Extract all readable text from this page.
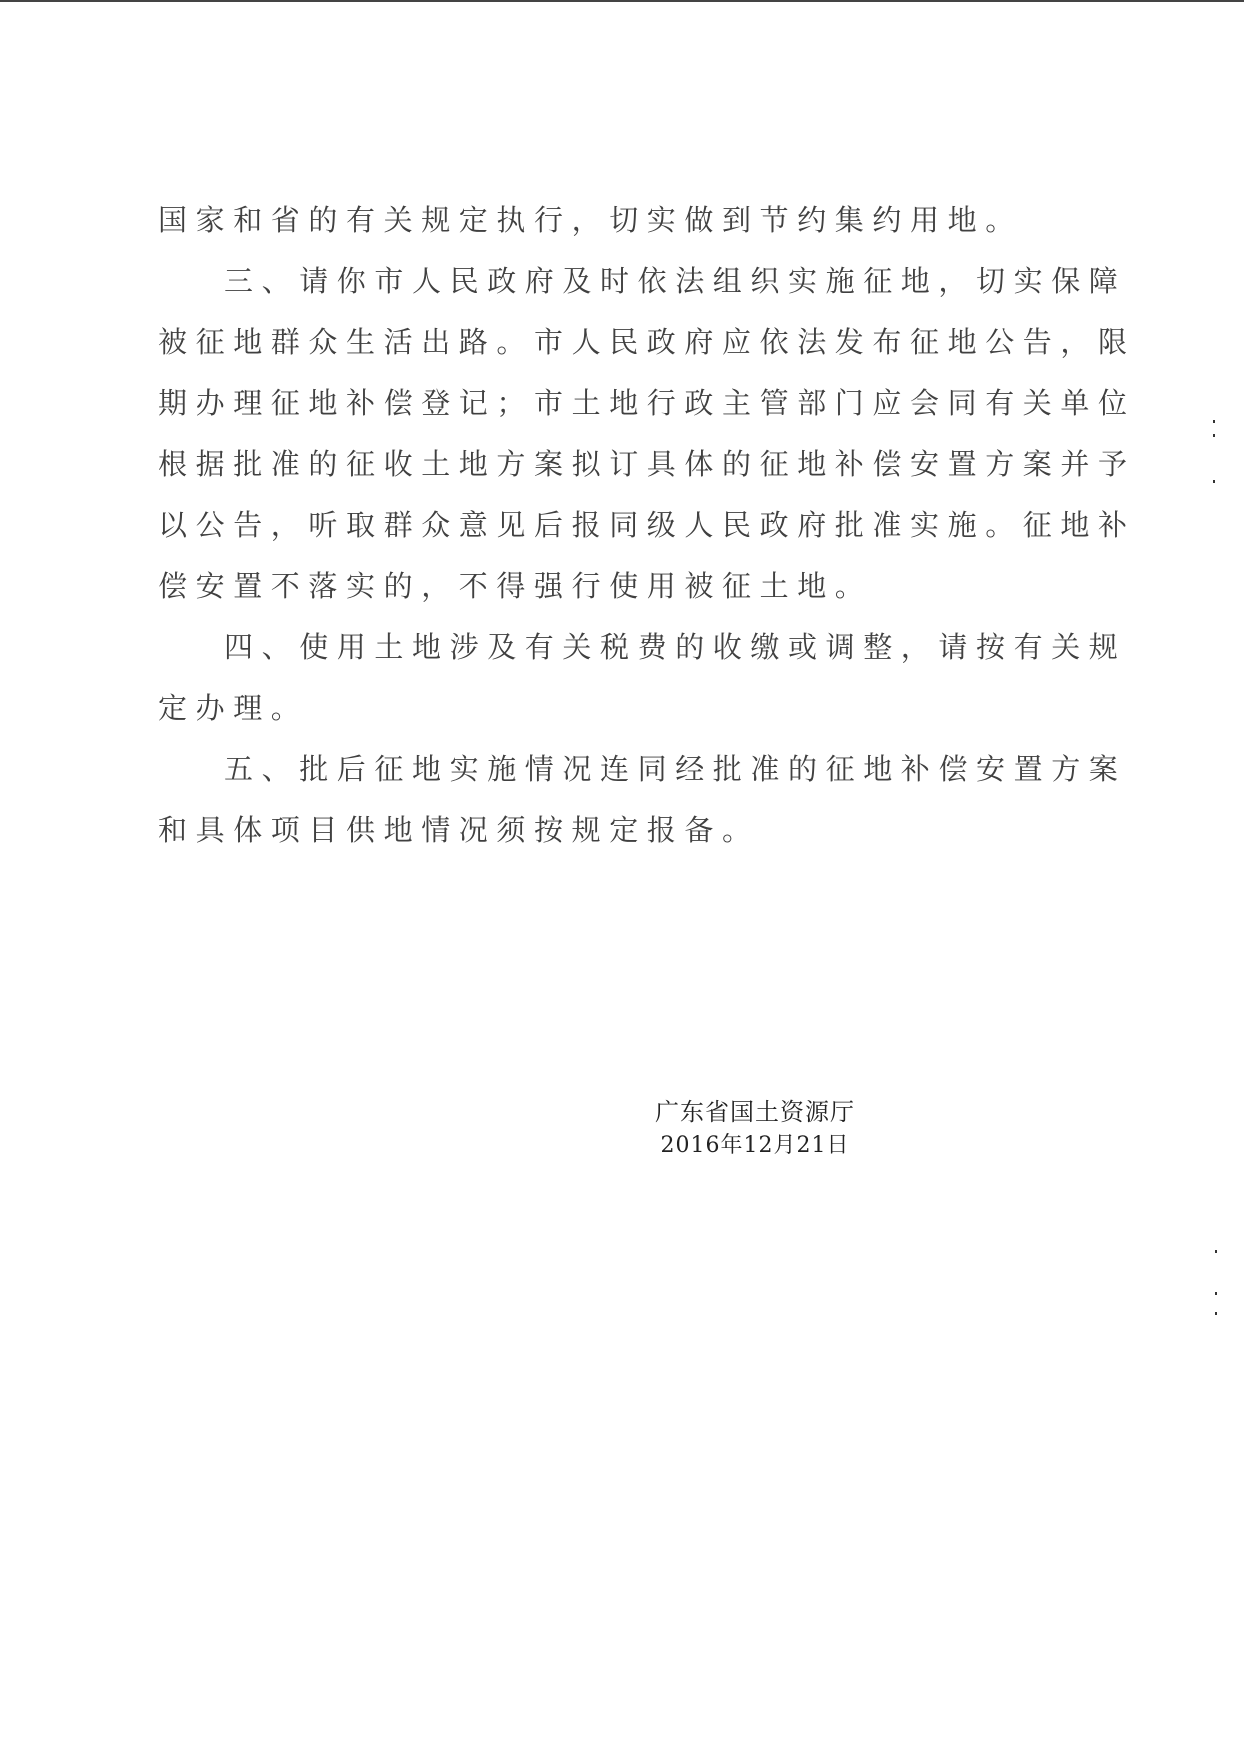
国家和省的有关规定执行，切实做到节约集约用地。
三、请你市人民政府及时依法组织实施征地，切实保障
被征地群众生活出路。市人民政府应依法发布征地公告，限
期办理征地补偿登记；市土地行政主管部门应会同有关单位
根据批准的征收土地方案拟订具体的征地补偿安置方案并予
以公告，听取群众意见后报同级人民政府批准实施。征地补
偿安置不落实的，不得强行使用被征土地。
四、使用土地涉及有关税费的收缴或调整，请按有关规
定办理。
五、批后征地实施情况连同经批准的征地补偿安置方案
和具体项目供地情况须按规定报备。
广东省国土资源厅
2016年12月21日
